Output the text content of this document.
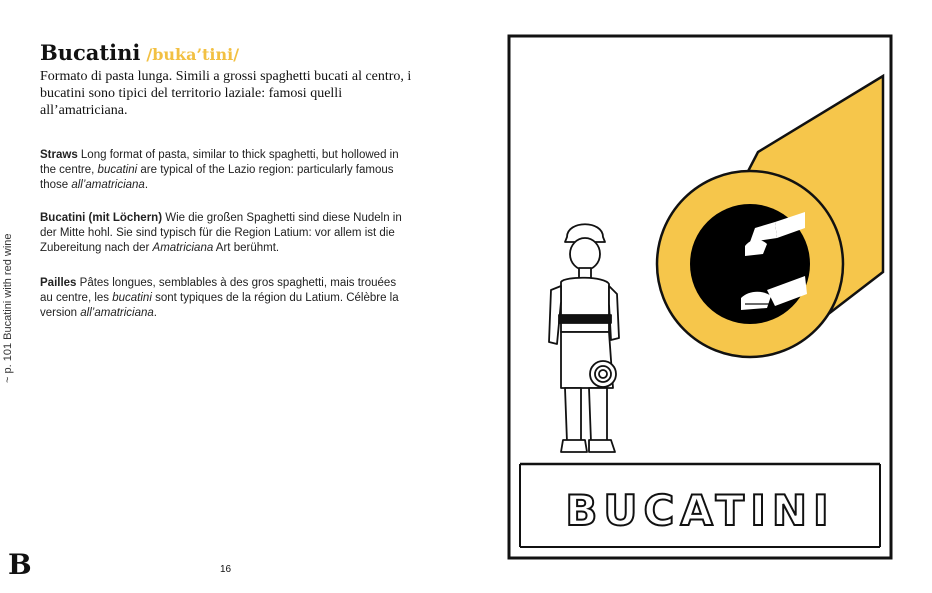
Bucatini /buka’tini/
Formato di pasta lunga. Simili a grossi spaghetti bucati al centro, i bucatini sono tipici del territorio laziale: famosi quelli all’amatriciana.
Straws Long format of pasta, similar to thick spaghetti, but hollowed in the centre, bucatini are typical of the Lazio region: particularly famous those all’amatriciana.
Bucatini (mit Löchern) Wie die großen Spaghetti sind diese Nudeln in der Mitte hohl. Sie sind typisch für die Region Latium: vor allem ist die Zubereitung nach der Amatriciana Art berühmt.
Pailles Pâtes longues, semblables à des gros spaghetti, mais trouées au centre, les bucatini sont typiques de la région du Latium. Célèbre la version all’amatriciana.
~ p. 101 Bucatini with red wine
B	16
BUCATINI
